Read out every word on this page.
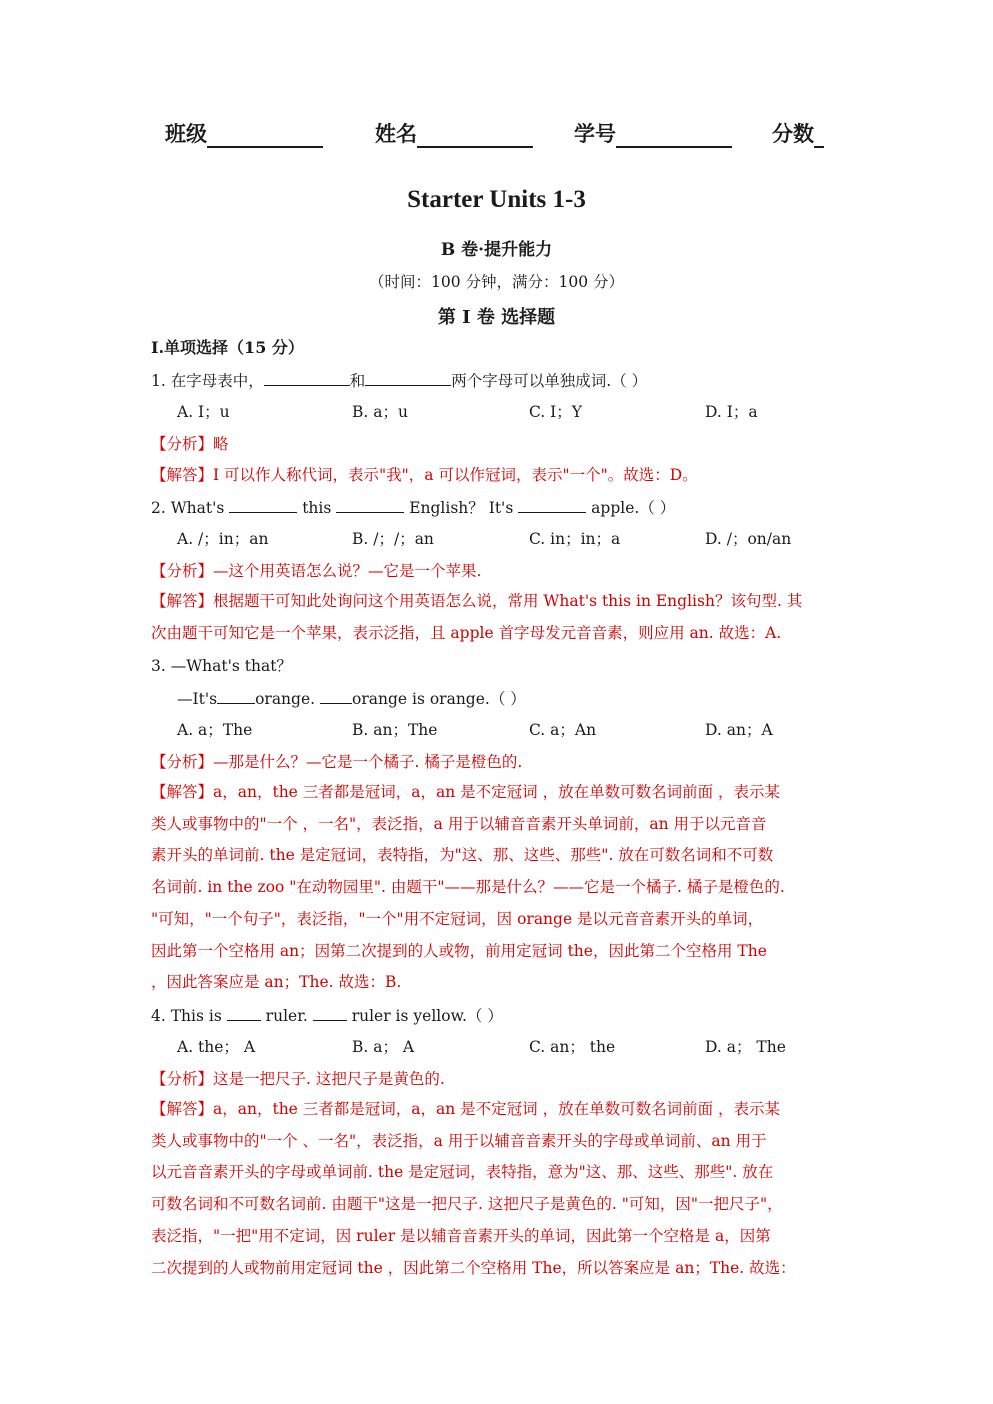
班级	姓名	学号	分数
Starter Units 1-3
B 卷·提升能力
（时间：100 分钟，满分：100 分）
第 I 卷 选择题
I.单项选择（15 分）
1. 在字母表中，	和	两个字母可以单独成词.（ ）
A. I；u	B. a；u	C. I；Y	D. I；a
【分析】略
【解答】I 可以作人称代词，表示"我"，a 可以作冠词，表示"一个"。故选：D。
2. What's	this	English？ It's	apple.（ ）
A. /；in；an	B. /；/；an	C. in；in；a	D. /；on/an
【分析】—这个用英语怎么说？—它是一个苹果.
【解答】根据题干可知此处询问这个用英语怎么说，常用 What's this in English？该句型. 其
次由题干可知它是一个苹果，表示泛指，且 apple 首字母发元音音素，则应用 an. 故选：A.
3. —What's that？
—It's orange. orange is orange.（ ）
A. a；The	B. an；The	C. a；An	D. an；A
【分析】—那是什么？—它是一个橘子. 橘子是橙色的.
【解答】a，an，the 三者都是冠词，a，an 是不定冠词 ，放在单数可数名词前面 ，表示某
类人或事物中的"一个 ，一名"，表泛指，a 用于以辅音音素开头单词前，an 用于以元音音
素开头的单词前. the 是定冠词，表特指，为"这、那、这些、那些". 放在可数名词和不可数
名词前. in the zoo "在动物园里". 由题干"——那是什么？——它是一个橘子. 橘子是橙色的.
"可知，"一个句子"，表泛指，"一个"用不定冠词，因 orange 是以元音音素开头的单词，
因此第一个空格用 an；因第二次提到的人或物，前用定冠词 the，因此第二个空格用 The
，因此答案应是 an；The. 故选：B.
4. This is	ruler.	ruler is yellow.（ ）
A. the； A	B. a； A	C. an； the	D. a； The
【分析】这是一把尺子. 这把尺子是黄色的.
【解答】a，an，the 三者都是冠词，a，an 是不定冠词 ，放在单数可数名词前面 ，表示某
类人或事物中的"一个 、一名"，表泛指，a 用于以辅音音素开头的字母或单词前、an 用于
以元音音素开头的字母或单词前. the 是定冠词，表特指，意为"这、那、这些、那些". 放在
可数名词和不可数名词前. 由题干"这是一把尺子. 这把尺子是黄色的. "可知，因"一把尺子"，
表泛指，"一把"用不定词，因 ruler 是以辅音音素开头的单词，因此第一个空格是 a，因第
二次提到的人或物前用定冠词 the ，因此第二个空格用 The，所以答案应是 an；The. 故选：
